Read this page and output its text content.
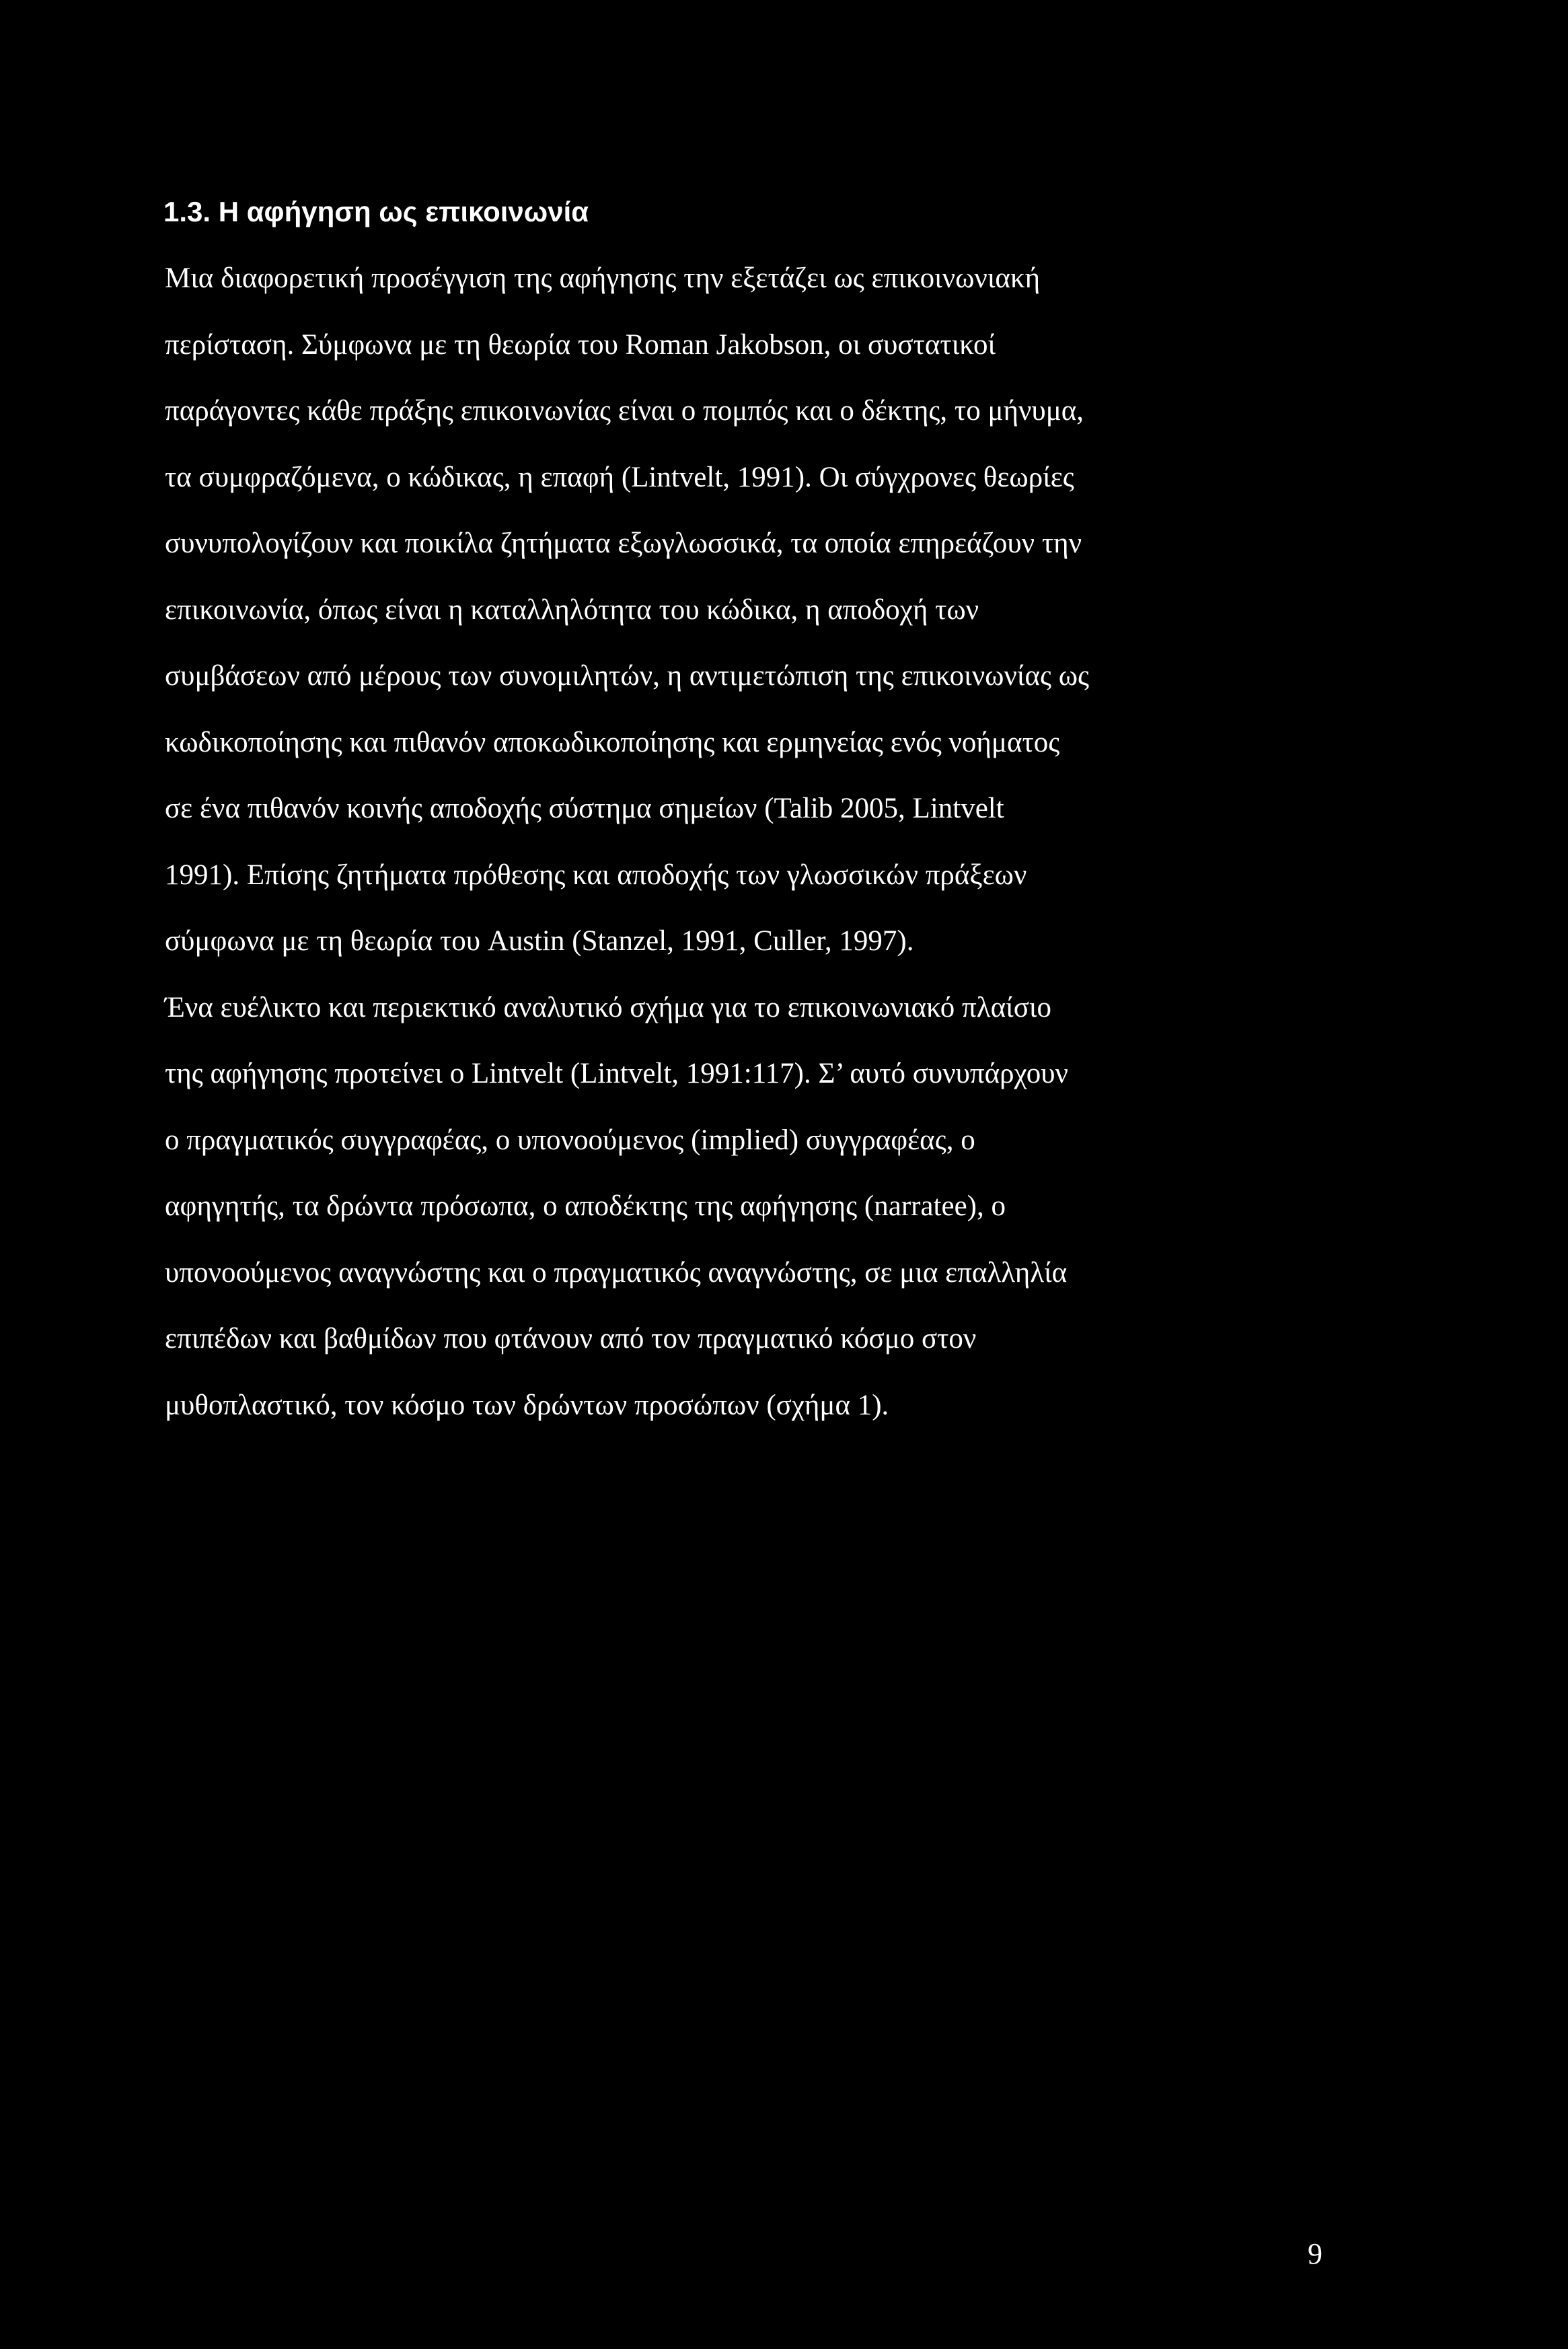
1.3. Η αφήγηση ως επικοινωνία
Μια διαφορετική προσέγγιση της αφήγησης την εξετάζει ως επικοινωνιακή
περίσταση. Σύμφωνα με τη θεωρία του Roman Jakobson, οι συστατικοί
παράγοντες κάθε πράξης επικοινωνίας είναι ο πομπός και ο δέκτης, το μήνυμα,
τα συμφραζόμενα, ο κώδικας, η επαφή (Lintvelt, 1991). Οι σύγχρονες θεωρίες
συνυπολογίζουν και ποικίλα ζητήματα εξωγλωσσικά, τα οποία επηρεάζουν την
επικοινωνία, όπως είναι η καταλληλότητα του κώδικα, η αποδοχή των
συμβάσεων από μέρους των συνομιλητών, η αντιμετώπιση της επικοινωνίας ως
κωδικοποίησης και πιθανόν αποκωδικοποίησης και ερμηνείας ενός νοήματος
σε ένα πιθανόν κοινής αποδοχής σύστημα σημείων (Talib 2005, Lintvelt
1991). Επίσης ζητήματα πρόθεσης και αποδοχής των γλωσσικών πράξεων
σύμφωνα με τη θεωρία του Austin (Stanzel, 1991, Culler, 1997).
Ένα ευέλικτο και περιεκτικό αναλυτικό σχήμα για το επικοινωνιακό πλαίσιο
της αφήγησης προτείνει ο Lintvelt (Lintvelt, 1991:117). Σ’ αυτό συνυπάρχουν
ο πραγματικός συγγραφέας, ο υπονοούμενος (implied) συγγραφέας, ο
αφηγητής, τα δρώντα πρόσωπα, ο αποδέκτης της αφήγησης (narratee), ο
υπονοούμενος αναγνώστης και ο πραγματικός αναγνώστης, σε μια επαλληλία
επιπέδων και βαθμίδων που φτάνουν από τον πραγματικό κόσμο στον
μυθοπλαστικό, τον κόσμο των δρώντων προσώπων (σχήμα 1).
9
